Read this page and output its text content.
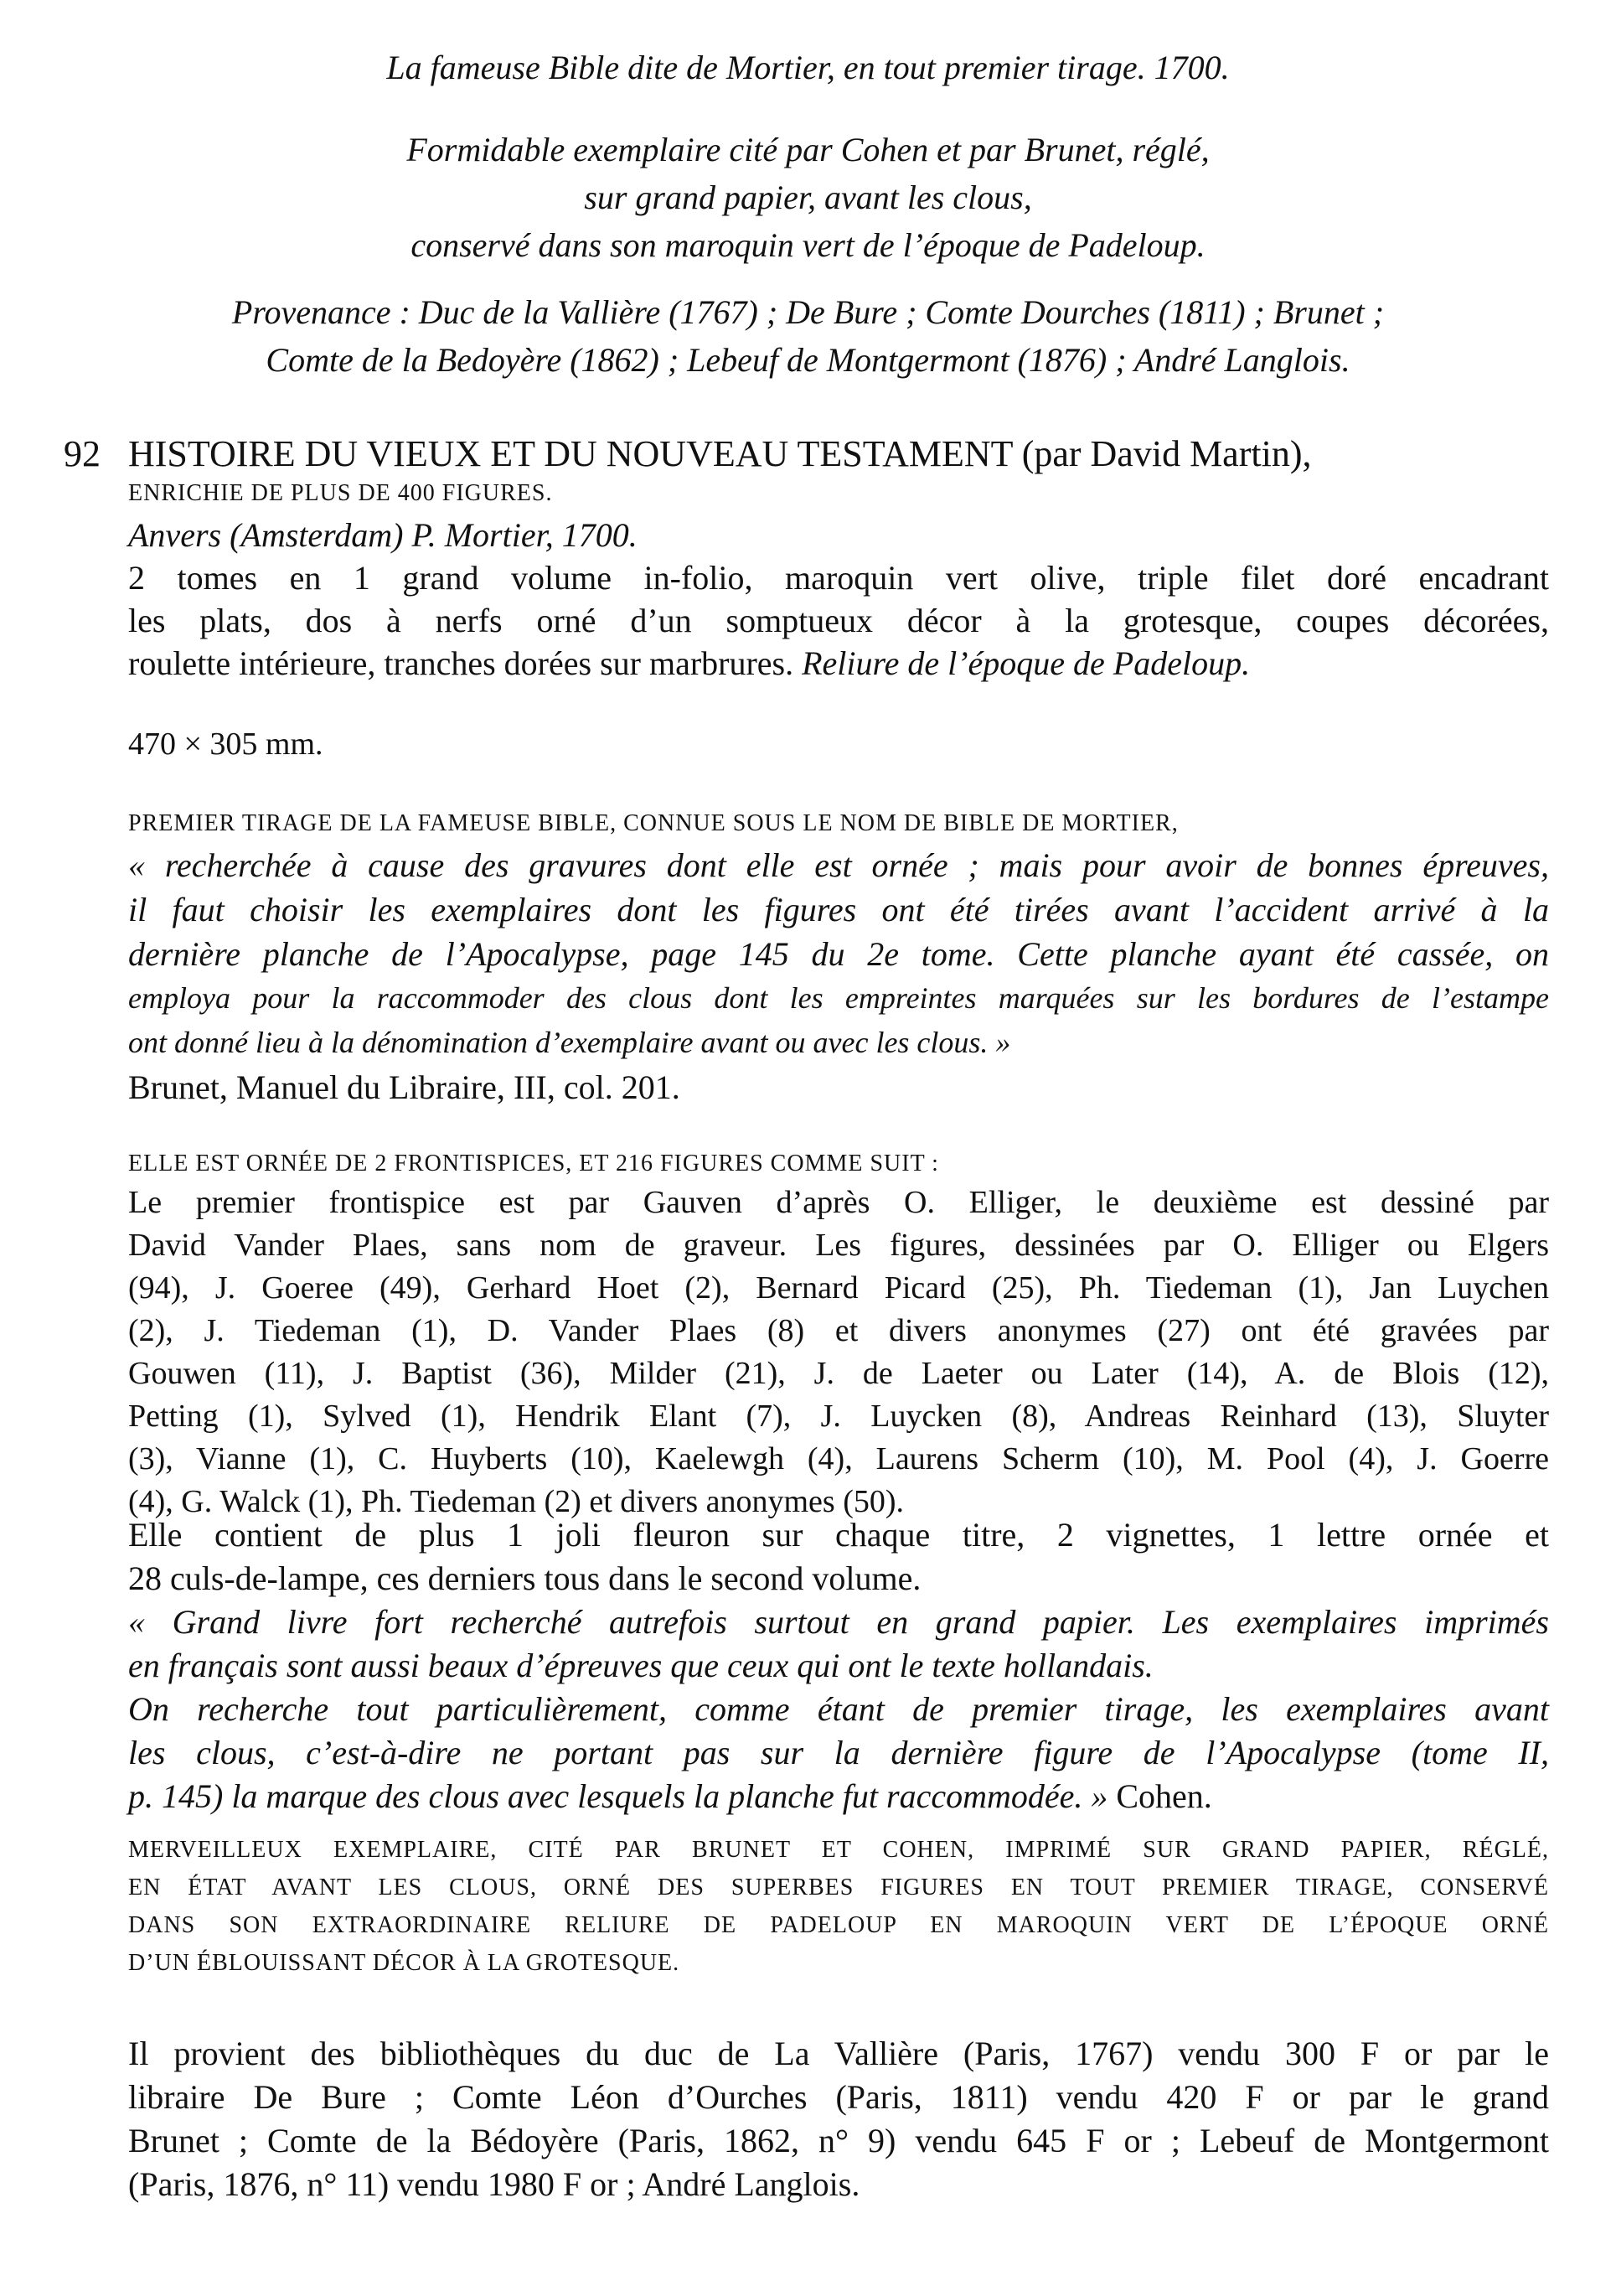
La fameuse Bible dite de Mortier, en tout premier tirage. 1700.
Formidable exemplaire cité par Cohen et par Brunet, réglé,
sur grand papier, avant les clous,
conservé dans son maroquin vert de l’époque de Padeloup.
Provenance : Duc de la Vallière (1767) ; De Bure ; Comte Dourches (1811) ; Brunet ;
Comte de la Bedoyère (1862) ; Lebeuf de Montgermont (1876) ; André Langlois.
92 HISTOIRE DU VIEUX ET DU NOUVEAU TESTAMENT (par David Martin),
ENRICHIE DE PLUS DE 400 FIGURES.
Anvers (Amsterdam) P. Mortier, 1700.
2 tomes en 1 grand volume in-folio, maroquin vert olive, triple filet doré encadrant
les plats, dos à nerfs orné d’un somptueux décor à la grotesque, coupes décorées,
roulette intérieure, tranches dorées sur marbrures. Reliure de l’époque de Padeloup.
470 × 305 mm.
PREMIER TIRAGE DE LA FAMEUSE BIBLE, CONNUE SOUS LE NOM DE BIBLE DE MORTIER,
« recherchée à cause des gravures dont elle est ornée ; mais pour avoir de bonnes épreuves,
il faut choisir les exemplaires dont les figures ont été tirées avant l’accident arrivé à la
dernière planche de l’Apocalypse, page 145 du 2e tome. Cette planche ayant été cassée, on
employa pour la raccommoder des clous dont les empreintes marquées sur les bordures de l’estampe
ont donné lieu à la dénomination d’exemplaire avant ou avec les clous. »
Brunet, Manuel du Libraire, III, col. 201.
ELLE EST ORNÉE DE 2 FRONTISPICES, ET 216 FIGURES COMME SUIT :
Le premier frontispice est par Gauven d’après O. Elliger, le deuxième est dessiné par
David Vander Plaes, sans nom de graveur. Les figures, dessinées par O. Elliger ou Elgers
(94), J. Goeree (49), Gerhard Hoet (2), Bernard Picard (25), Ph. Tiedeman (1), Jan Luychen
(2), J. Tiedeman (1), D. Vander Plaes (8) et divers anonymes (27) ont été gravées par
Gouwen (11), J. Baptist (36), Milder (21), J. de Laeter ou Later (14), A. de Blois (12),
Petting (1), Sylved (1), Hendrik Elant (7), J. Luycken (8), Andreas Reinhard (13), Sluyter
(3), Vianne (1), C. Huyberts (10), Kaelewgh (4), Laurens Scherm (10), M. Pool (4), J. Goerre
(4), G. Walck (1), Ph. Tiedeman (2) et divers anonymes (50).
Elle contient de plus 1 joli fleuron sur chaque titre, 2 vignettes, 1 lettre ornée et
28 culs-de-lampe, ces derniers tous dans le second volume.
« Grand livre fort recherché autrefois surtout en grand papier. Les exemplaires imprimés
en français sont aussi beaux d’épreuves que ceux qui ont le texte hollandais.
On recherche tout particulièrement, comme étant de premier tirage, les exemplaires avant
les clous, c’est-à-dire ne portant pas sur la dernière figure de l’Apocalypse (tome II,
p. 145) la marque des clous avec lesquels la planche fut raccommodée. » Cohen.
MERVEILLEUX EXEMPLAIRE, CITÉ PAR BRUNET ET COHEN, IMPRIMÉ SUR GRAND PAPIER, RÉGLÉ,
EN ÉTAT AVANT LES CLOUS, ORNÉ DES SUPERBES FIGURES EN TOUT PREMIER TIRAGE, CONSERVÉ
DANS SON EXTRAORDINAIRE RELIURE DE PADELOUP EN MAROQUIN VERT DE L’ÉPOQUE ORNÉ
D’UN ÉBLOUISSANT DÉCOR À LA GROTESQUE.
Il provient des bibliothèques du duc de La Vallière (Paris, 1767) vendu 300 F or par le
libraire De Bure ; Comte Léon d’Ourches (Paris, 1811) vendu 420 F or par le grand
Brunet ; Comte de la Bédoyère (Paris, 1862, n° 9) vendu 645 F or ; Lebeuf de Montgermont
(Paris, 1876, n° 11) vendu 1980 F or ; André Langlois.
